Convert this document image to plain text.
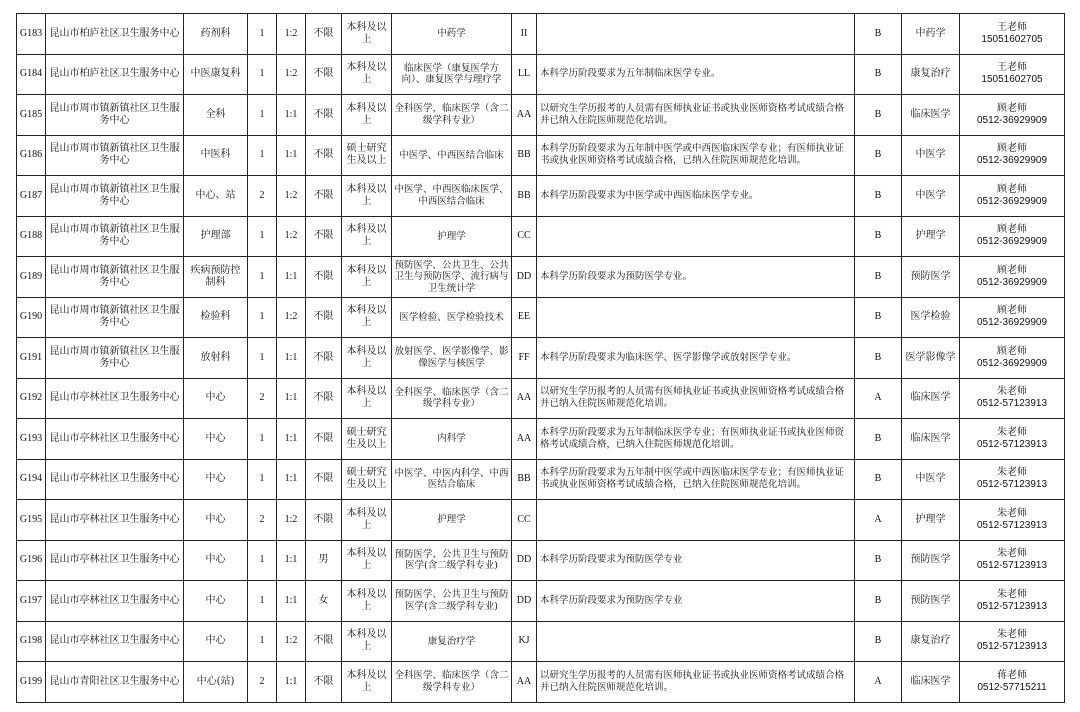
G183	昆山市柏庐社区卫生服务中心	药剂科	1	1:2	不限	本科及以上	中药学	II		B	中药学	王老师
15051602705

G184	昆山市柏庐社区卫生服务中心	中医康复科	1	1:2	不限	本科及以上	临床医学（康复医学方向）、康复医学与理疗学	LL	本科学历阶段要求为五年制临床医学专业。	B	康复治疗	王老师
15051602705

G185	昆山市周市镇新镇社区卫生服务中心	全科	1	1:1	不限	本科及以上	全科医学，临床医学（含二级学科专业）	AA	以研究生学历报考的人员需有医师执业证书或执业医师资格考试成绩合格并已纳入住院医师规范化培训。	B	临床医学	顾老师
0512-36929909

G186	昆山市周市镇新镇社区卫生服务中心	中医科	1	1:1	不限	硕士研究生及以上	中医学、中西医结合临床	BB	本科学历阶段要求为五年制中医学或中西医临床医学专业；有医师执业证书或执业医师资格考试成绩合格，已纳入住院医师规范化培训。	B	中医学	顾老师
0512-36929909

G187	昆山市周市镇新镇社区卫生服务中心	中心、站	2	1:2	不限	本科及以上	中医学、中西医临床医学、中西医结合临床	BB	本科学历阶段要求为中医学或中西医临床医学专业。	B	中医学	顾老师
0512-36929909

G188	昆山市周市镇新镇社区卫生服务中心	护理部	1	1:2	不限	本科及以上	护理学	CC		B	护理学	顾老师
0512-36929909

G189	昆山市周市镇新镇社区卫生服务中心	疾病预防控制科	1	1:1	不限	本科及以上	预防医学、公共卫生、公共卫生与预防医学、流行病与卫生统计学	DD	本科学历阶段要求为预防医学专业。	B	预防医学	顾老师
0512-36929909

G190	昆山市周市镇新镇社区卫生服务中心	检验科	1	1:2	不限	本科及以上	医学检验、医学检验技术	EE		B	医学检验	顾老师
0512-36929909

G191	昆山市周市镇新镇社区卫生服务中心	放射科	1	1:1	不限	本科及以上	放射医学、医学影像学、影像医学与核医学	FF	本科学历阶段要求为临床医学、医学影像学或放射医学专业。	B	医学影像学	顾老师
0512-36929909

G192	昆山市亭林社区卫生服务中心	中心	2	1:1	不限	本科及以上	全科医学、临床医学（含二级学科专业）	AA	以研究生学历报考的人员需有医师执业证书或执业医师资格考试成绩合格并已纳入住院医师规范化培训。	A	临床医学	朱老师
0512-57123913

G193	昆山市亭林社区卫生服务中心	中心	1	1:1	不限	硕士研究生及以上	内科学	AA	本科学历阶段要求为五年制临床医学专业；有医师执业证书或执业医师资格考试成绩合格，已纳入住院医师规范化培训。	B	临床医学	朱老师
0512-57123913

G194	昆山市亭林社区卫生服务中心	中心	1	1:1	不限	硕士研究生及以上	中医学、中医内科学、中西医结合临床	BB	本科学历阶段要求为五年制中医学或中西医临床医学专业；有医师执业证书或执业医师资格考试成绩合格，已纳入住院医师规范化培训。	B	中医学	朱老师
0512-57123913

G195	昆山市亭林社区卫生服务中心	中心	2	1:2	不限	本科及以上	护理学	CC		A	护理学	朱老师
0512-57123913

G196	昆山市亭林社区卫生服务中心	中心	1	1:1	男	本科及以上	预防医学、公共卫生与预防医学(含二级学科专业)	DD	本科学历阶段要求为预防医学专业	B	预防医学	朱老师
0512-57123913

G197	昆山市亭林社区卫生服务中心	中心	1	1:1	女	本科及以上	预防医学、公共卫生与预防医学(含二级学科专业)	DD	本科学历阶段要求为预防医学专业	B	预防医学	朱老师
0512-57123913

G198	昆山市亭林社区卫生服务中心	中心	1	1:2	不限	本科及以上	康复治疗学	KJ		B	康复治疗	朱老师
0512-57123913

G199	昆山市青阳社区卫生服务中心	中心(站)	2	1:1	不限	本科及以上	全科医学、临床医学（含二级学科专业）	AA	以研究生学历报考的人员需有医师执业证书或执业医师资格考试成绩合格并已纳入住院医师规范化培训。	A	临床医学	蒋老师
0512-57715211
